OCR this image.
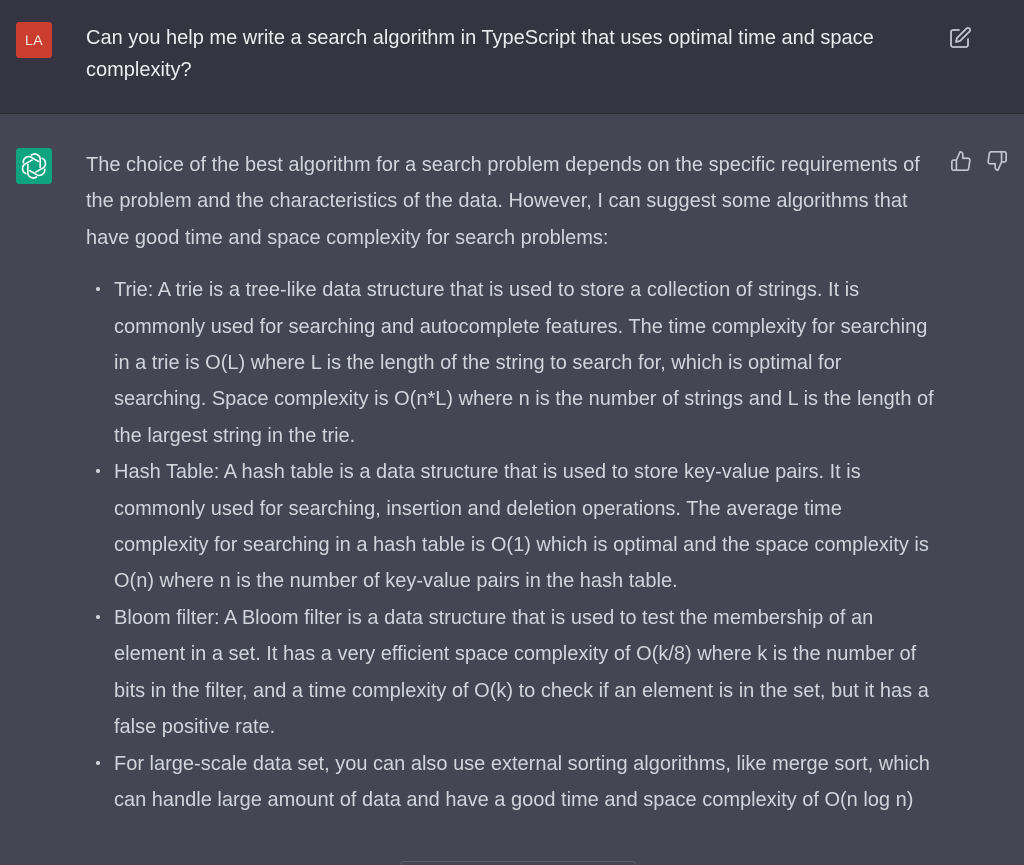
LA Can you help me write a search algorithm in TypeScript that uses optimal time and space complexity?

The choice of the best algorithm for a search problem depends on the specific requirements of the problem and the characteristics of the data. However, I can suggest some algorithms that have good time and space complexity for search problems:

Trie: A trie is a tree-like data structure that is used to store a collection of strings. It is commonly used for searching and autocomplete features. The time complexity for searching in a trie is O(L) where L is the length of the string to search for, which is optimal for searching. Space complexity is O(n*L) where n is the number of strings and L is the length of the largest string in the trie.
Hash Table: A hash table is a data structure that is used to store key-value pairs. It is commonly used for searching, insertion and deletion operations. The average time complexity for searching in a hash table is O(1) which is optimal and the space complexity is O(n) where n is the number of key-value pairs in the hash table.
Bloom filter: A Bloom filter is a data structure that is used to test the membership of an element in a set. It has a very efficient space complexity of O(k/8) where k is the number of bits in the filter, and a time complexity of O(k) to check if an element is in the set, but it has a false positive rate.
For large-scale data set, you can also use external sorting algorithms, like merge sort, which can handle large amount of data and have a good time and space complexity of O(n log n)
